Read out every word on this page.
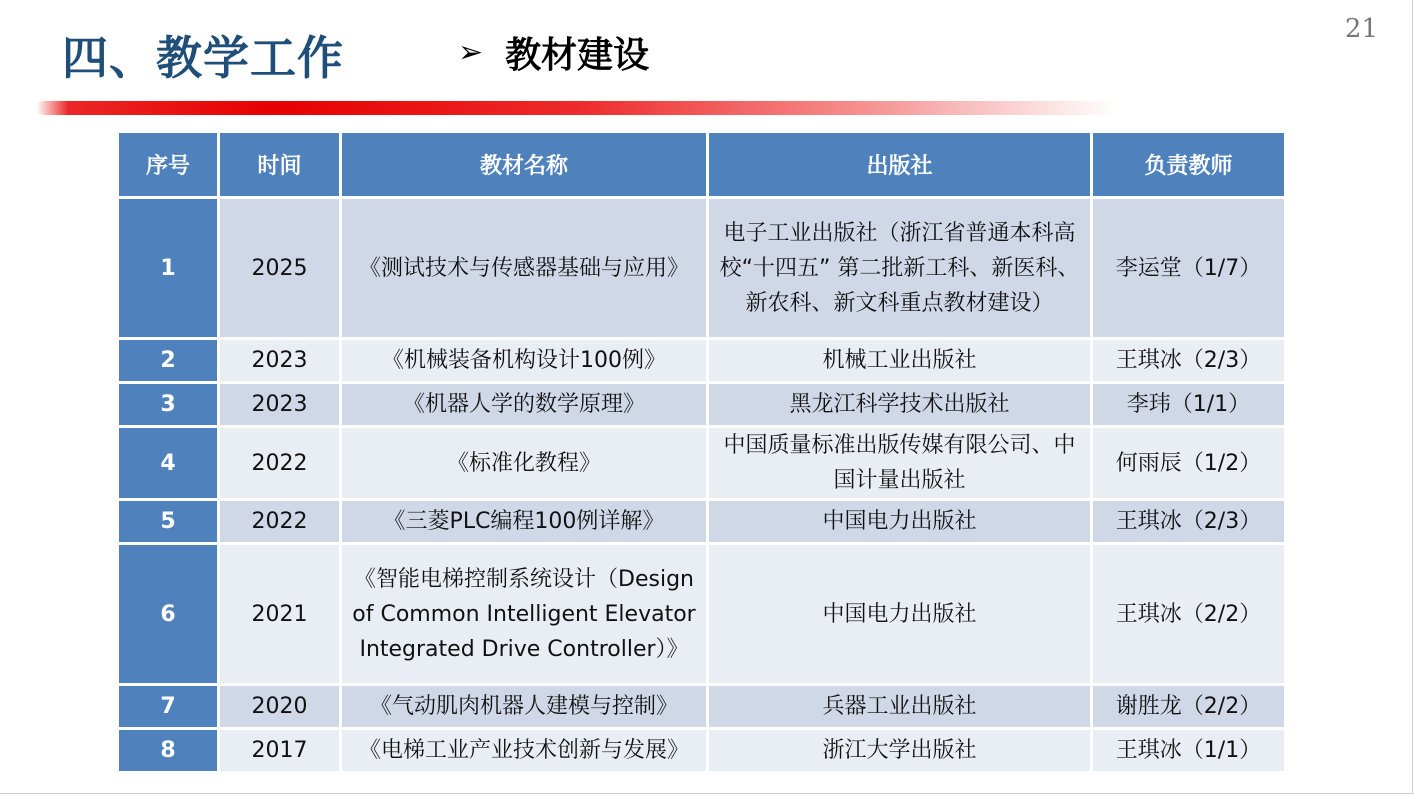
21
四、教学工作	➢ 教材建设
序号	时间	教材名称	出版社	负责教师
1	2025	《测试技术与传感器基础与应用》	电子工业出版社（浙江省普通本科高校“十四五” 第二批新工科、新医科、新农科、新文科重点教材建设）	李运堂（1/7）
2	2023	《机械装备机构设计100例》	机械工业出版社	王琪冰（2/3）
3	2023	《机器人学的数学原理》	黑龙江科学技术出版社	李玮（1/1）
4	2022	《标准化教程》	中国质量标准出版传媒有限公司、中国计量出版社	何雨辰（1/2）
5	2022	《三菱PLC编程100例详解》	中国电力出版社	王琪冰（2/3）
6	2021	《智能电梯控制系统设计（Design of Common Intelligent Elevator Integrated Drive Controller）》	中国电力出版社	王琪冰（2/2）
7	2020	《气动肌肉机器人建模与控制》	兵器工业出版社	谢胜龙（2/2）
8	2017	《电梯工业产业技术创新与发展》	浙江大学出版社	王琪冰（1/1）
